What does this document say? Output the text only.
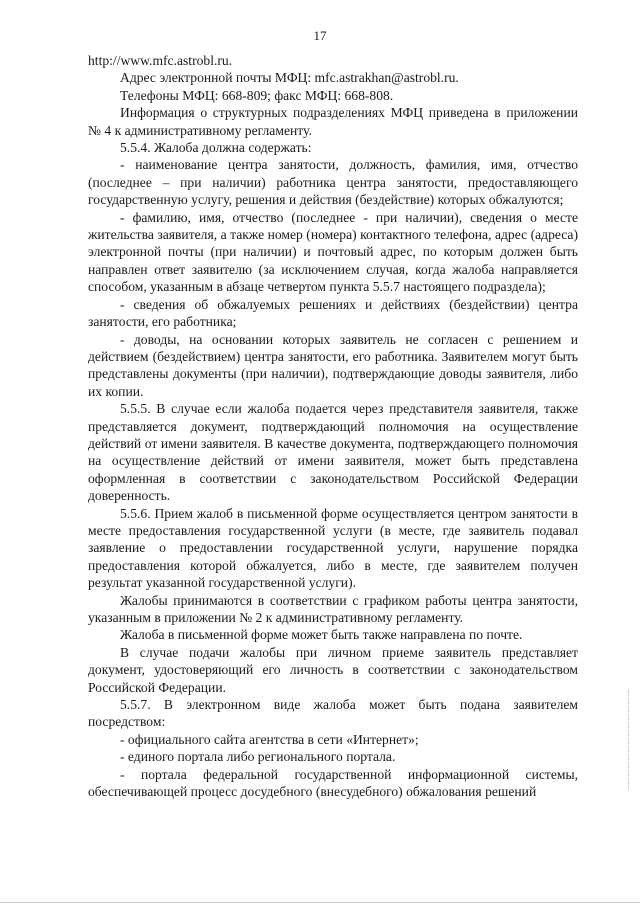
17

http://www.mfc.astrobl.ru.

Адрес электронной почты МФЦ: mfc.astrakhan@astrobl.ru.

Телефоны МФЦ: 668-809; факс МФЦ: 668-808.

Информация о структурных подразделениях МФЦ приведена в приложении № 4 к административному регламенту.

5.5.4. Жалоба должна содержать:

- наименование центра занятости, должность, фамилия, имя, отчество (последнее – при наличии) работника центра занятости, предоставляющего государственную услугу, решения и действия (бездействие) которых обжалуются;

- фамилию, имя, отчество (последнее - при наличии), сведения о месте жительства заявителя, а также номер (номера) контактного телефона, адрес (адреса) электронной почты (при наличии) и почтовый адрес, по которым должен быть направлен ответ заявителю (за исключением случая, когда жалоба направляется способом, указанным в абзаце четвертом пункта 5.5.7 настоящего подраздела);

- сведения об обжалуемых решениях и действиях (бездействии) центра занятости, его работника;

- доводы, на основании которых заявитель не согласен с решением и действием (бездействием) центра занятости, его работника. Заявителем могут быть представлены документы (при наличии), подтверждающие доводы заявителя, либо их копии.

5.5.5. В случае если жалоба подается через представителя заявителя, также представляется документ, подтверждающий полномочия на осуществление действий от имени заявителя. В качестве документа, подтверждающего полномочия на осуществление действий от имени заявителя, может быть представлена оформленная в соответствии с законодательством Российской Федерации доверенность.

5.5.6. Прием жалоб в письменной форме осуществляется центром занятости в месте предоставления государственной услуги (в месте, где заявитель подавал заявление о предоставлении государственной услуги, нарушение порядка предоставления которой обжалуется, либо в месте, где заявителем получен результат указанной государственной услуги).

Жалобы принимаются в соответствии с графиком работы центра занятости, указанным в приложении № 2 к административному регламенту.

Жалоба в письменной форме может быть также направлена по почте.

В случае подачи жалобы при личном приеме заявитель представляет документ, удостоверяющий его личность в соответствии с законодательством Российской Федерации.

5.5.7. В электронном виде жалоба может быть подана заявителем посредством:

- официального сайта агентства в сети «Интернет»;

- единого портала либо регионального портала.

- портала федеральной государственной информационной системы, обеспечивающей процесс досудебного (внесудебного) обжалования решений
